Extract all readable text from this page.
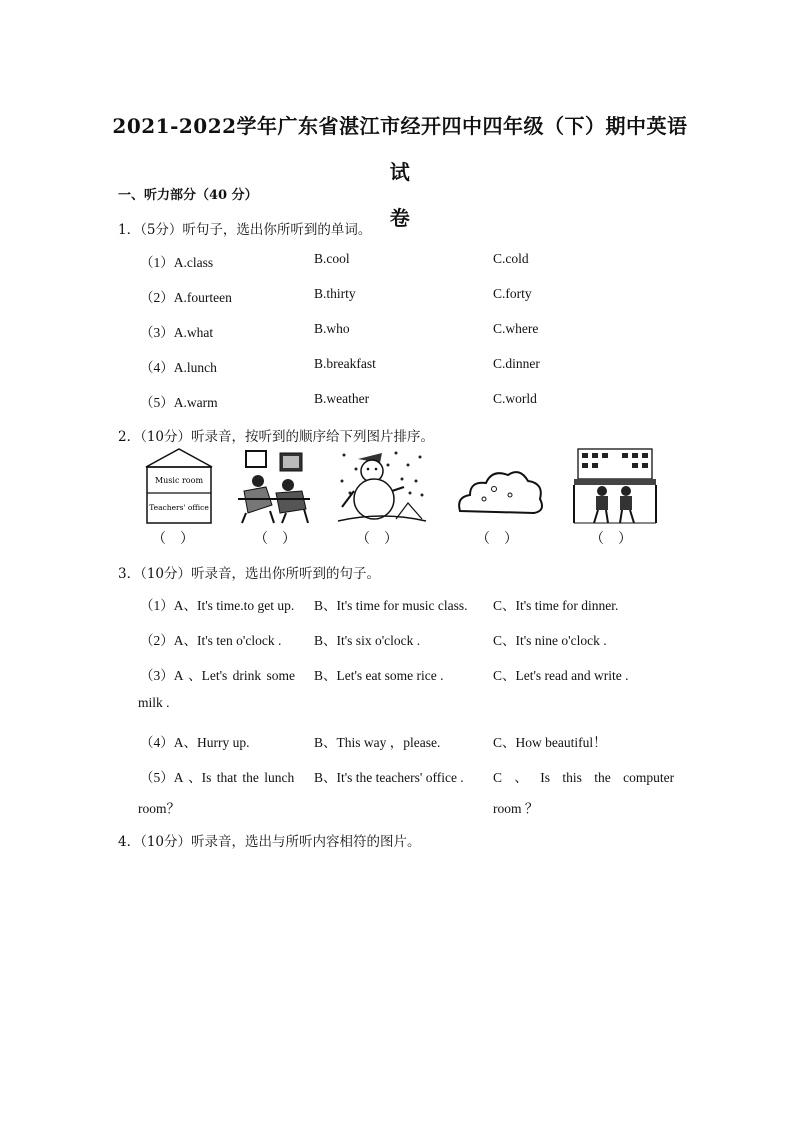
2021-2022学年广东省湛江市经开四中四年级（下）期中英语试
卷
一、听力部分（40 分）
1．（5分）听句子，选出你所听到的单词。
（1）A.class	B.cool	C.cold
（2）A.fourteen	B.thirty	C.forty
（3）A.what	B.who	C.where
（4）A.lunch	B.breakfast	C.dinner
（5）A.warm	B.weather	C.world
2．（10分）听录音，按听到的顺序给下列图片排序。
Music room
Teachers' office
（　）	（　）	（　）	（　）	（　）
3．（10分）听录音，选出你所听到的句子。
（1）A、It's time.to get up. B、It's time for music class. C、It's time for dinner.
（2）A、It's ten o'clock . B、It's six o'clock .	C、It's nine o'clock .
（3）A 、Let's drink some B、Let's eat some rice .	C、Let's read and write .
milk .
（4）A、Hurry up.	B、This way ，please.	C、How beautiful！
（5）A 、Is that the lunch B、It's the teachers' office . C 、 Is this the computer
room？	room ？
4．（10分）听录音，选出与所听内容相符的图片。
